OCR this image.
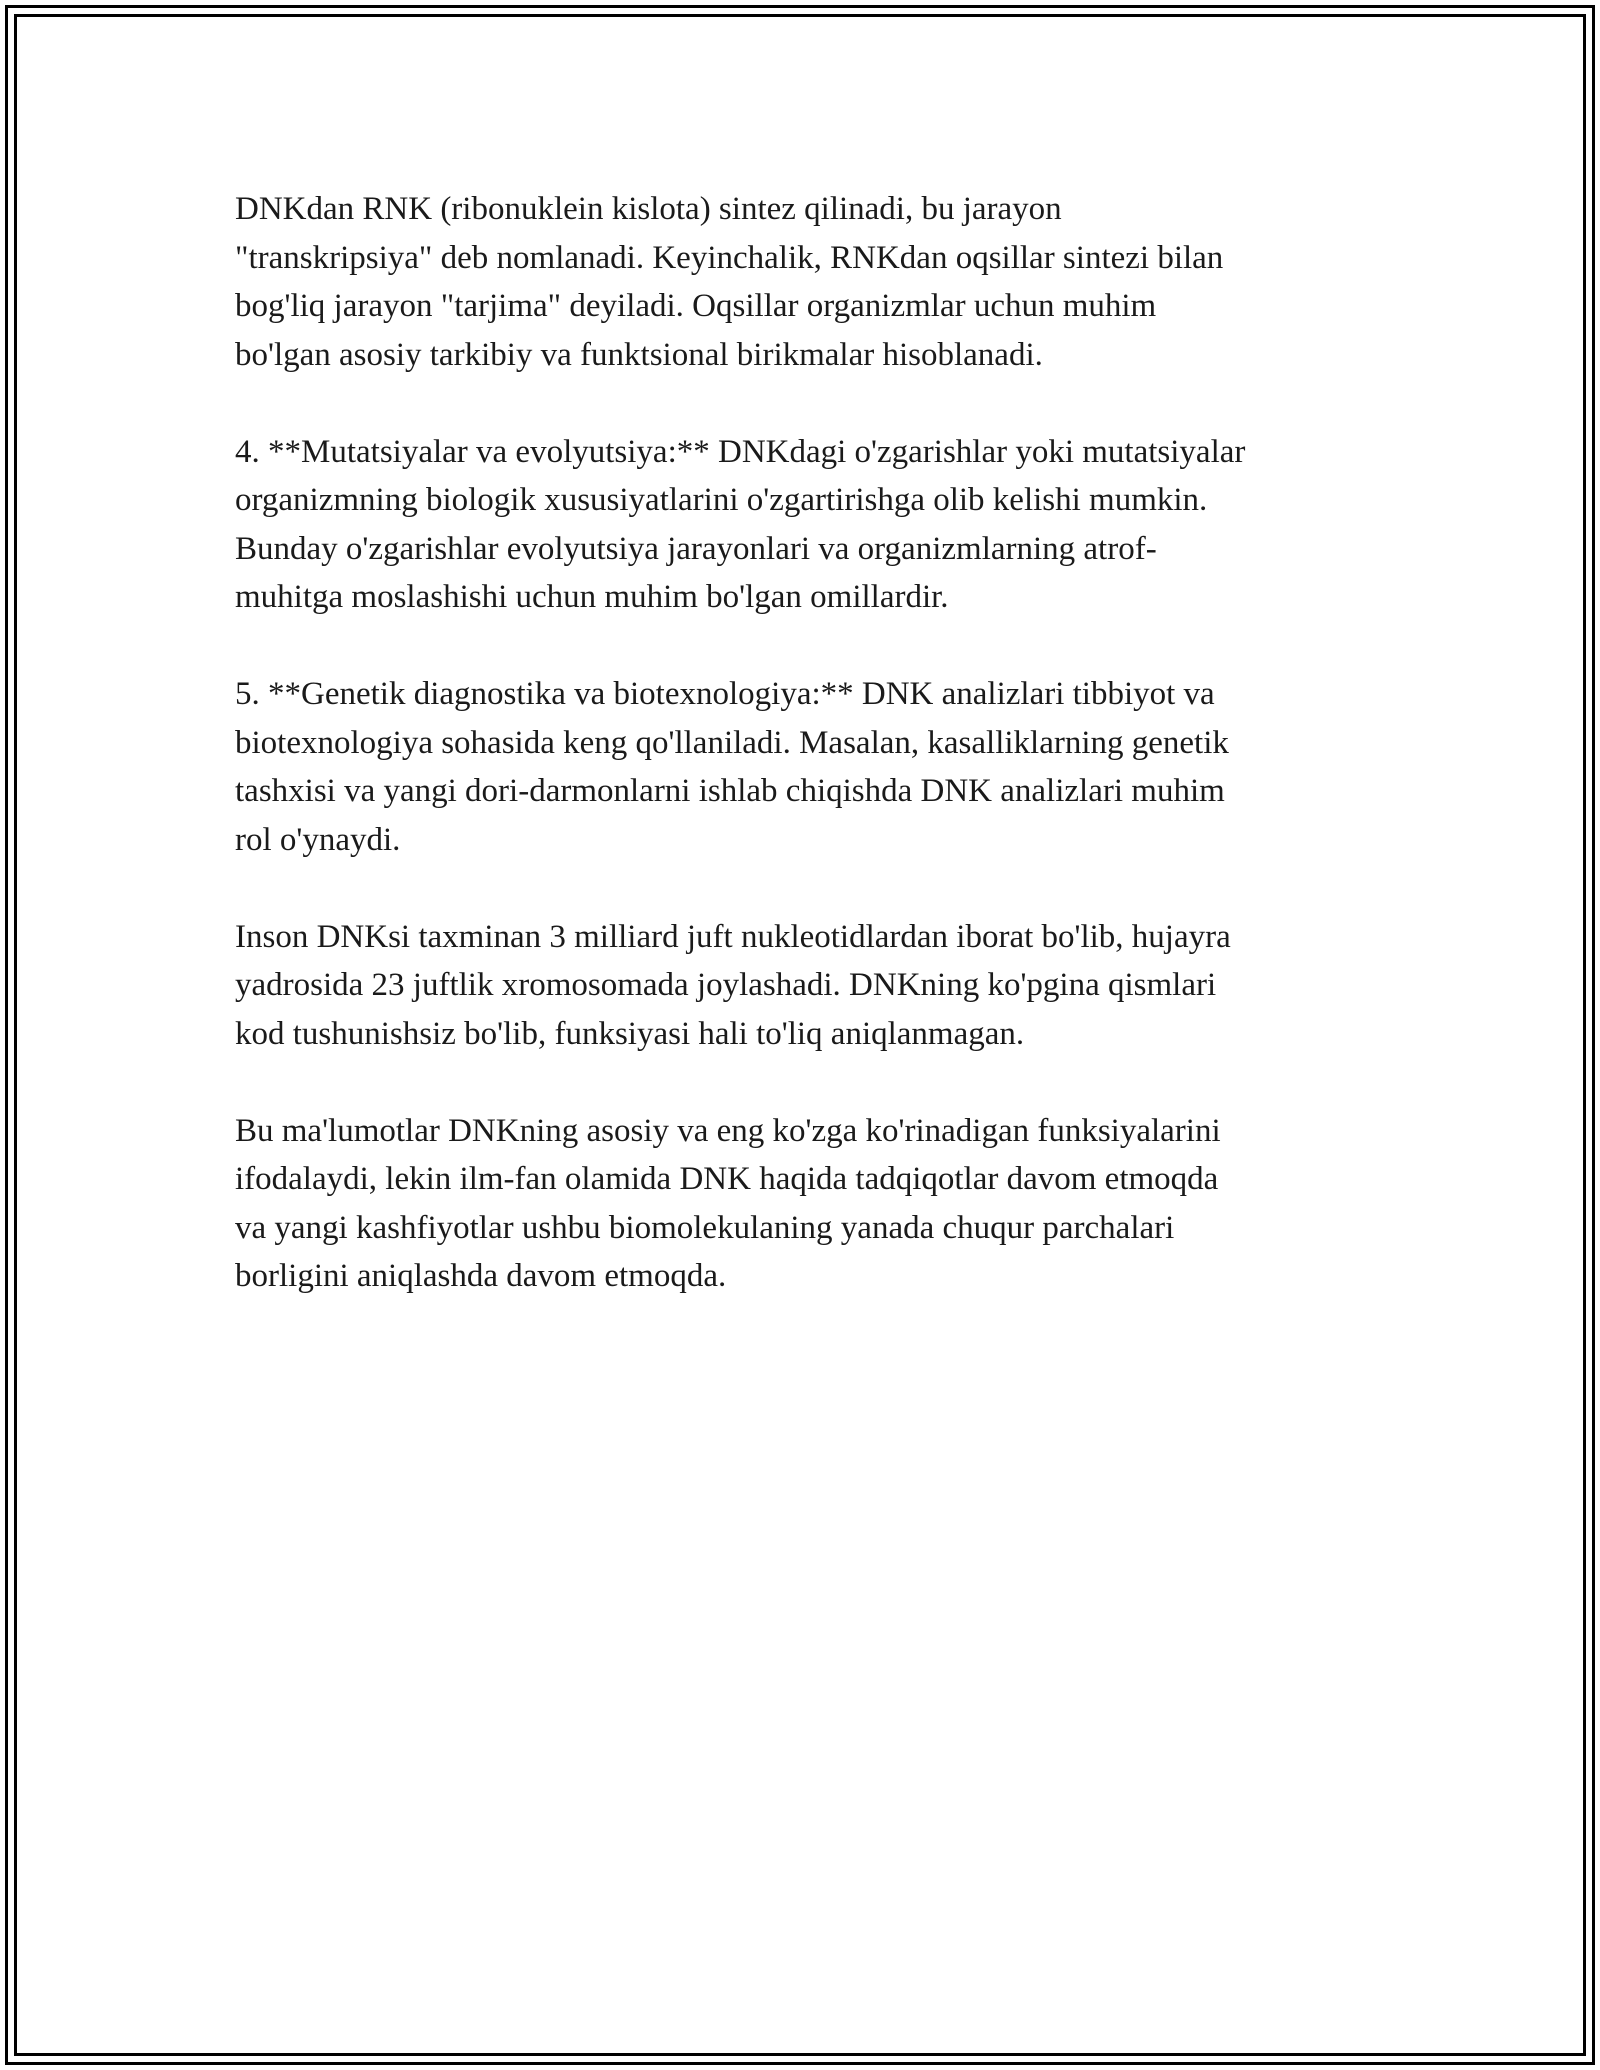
DNKdan RNK (ribonuklein kislota) sintez qilinadi, bu jarayon
"transkripsiya" deb nomlanadi. Keyinchalik, RNKdan oqsillar sintezi bilan
bog'liq jarayon "tarjima" deyiladi. Oqsillar organizmlar uchun muhim
bo'lgan asosiy tarkibiy va funktsional birikmalar hisoblanadi.

4. **Mutatsiyalar va evolyutsiya:** DNKdagi o'zgarishlar yoki mutatsiyalar
organizmning biologik xususiyatlarini o'zgartirishga olib kelishi mumkin.
Bunday o'zgarishlar evolyutsiya jarayonlari va organizmlarning atrof-
muhitga moslashishi uchun muhim bo'lgan omillardir.

5. **Genetik diagnostika va biotexnologiya:** DNK analizlari tibbiyot va
biotexnologiya sohasida keng qo'llaniladi. Masalan, kasalliklarning genetik
tashxisi va yangi dori-darmonlarni ishlab chiqishda DNK analizlari muhim
rol o'ynaydi.

Inson DNKsi taxminan 3 milliard juft nukleotidlardan iborat bo'lib, hujayra
yadrosida 23 juftlik xromosomada joylashadi. DNKning ko'pgina qismlari
kod tushunishsiz bo'lib, funksiyasi hali to'liq aniqlanmagan.

Bu ma'lumotlar DNKning asosiy va eng ko'zga ko'rinadigan funksiyalarini
ifodalaydi, lekin ilm-fan olamida DNK haqida tadqiqotlar davom etmoqda
va yangi kashfiyotlar ushbu biomolekulaning yanada chuqur parchalari
borligini aniqlashda davom etmoqda.
